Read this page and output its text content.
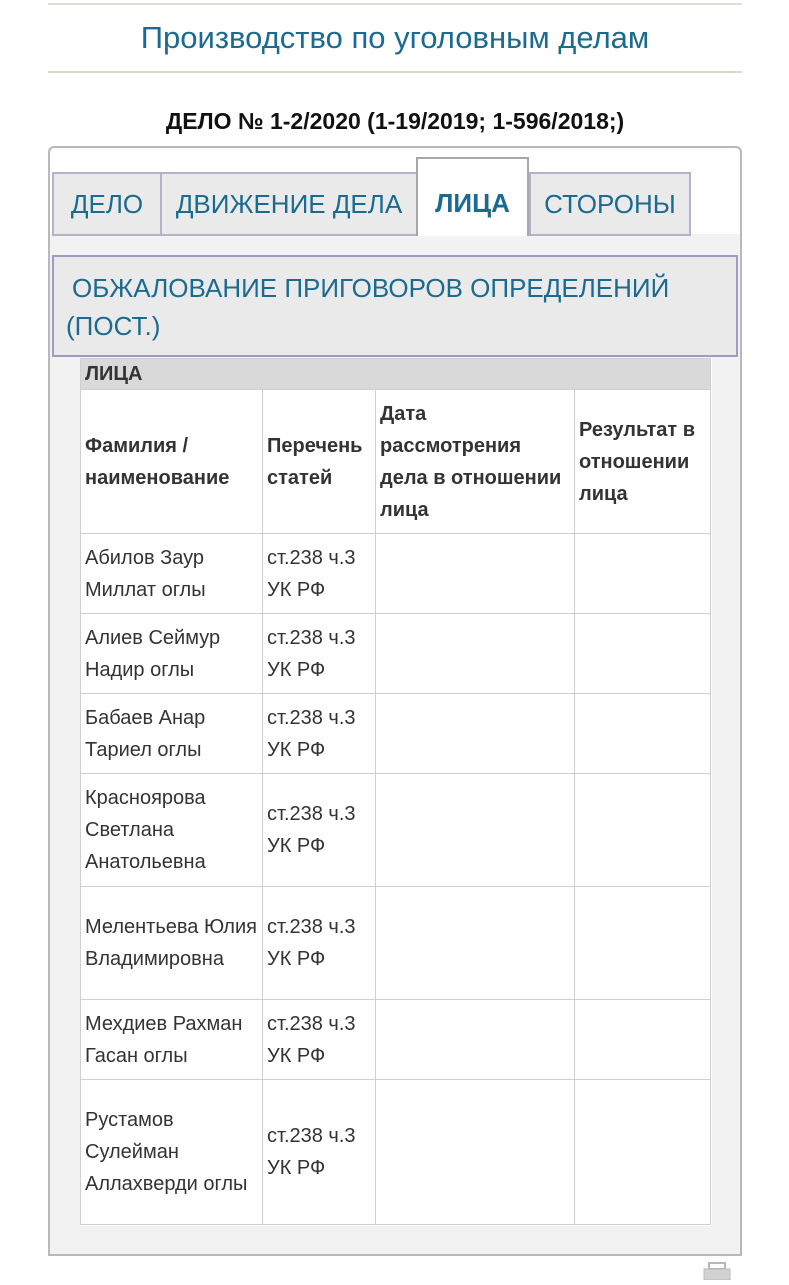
Производство по уголовным делам
ДЕЛО № 1-2/2020 (1-19/2019; 1-596/2018;)
ДЕЛО	ДВИЖЕНИЕ ДЕЛА	ЛИЦА	СТОРОНЫ
ОБЖАЛОВАНИЕ ПРИГОВОРОВ ОПРЕДЕЛЕНИЙ
(ПОСТ.)
ЛИЦА			
Фамилия / наименование	Перечень статей	Дата рассмотрения дела в отношении лица	Результат в отношении лица
Абилов Заур Миллат оглы	ст.238 ч.3 УК РФ		
Алиев Сеймур Надир оглы	ст.238 ч.3 УК РФ		
Бабаев Анар Тариел оглы	ст.238 ч.3 УК РФ		
Красноярова Светлана Анатольевна	ст.238 ч.3 УК РФ		
Мелентьева Юлия Владимировна	ст.238 ч.3 УК РФ		
Мехдиев Рахман Гасан оглы	ст.238 ч.3 УК РФ		
Рустамов Сулейман Аллахверди оглы	ст.238 ч.3 УК РФ		
